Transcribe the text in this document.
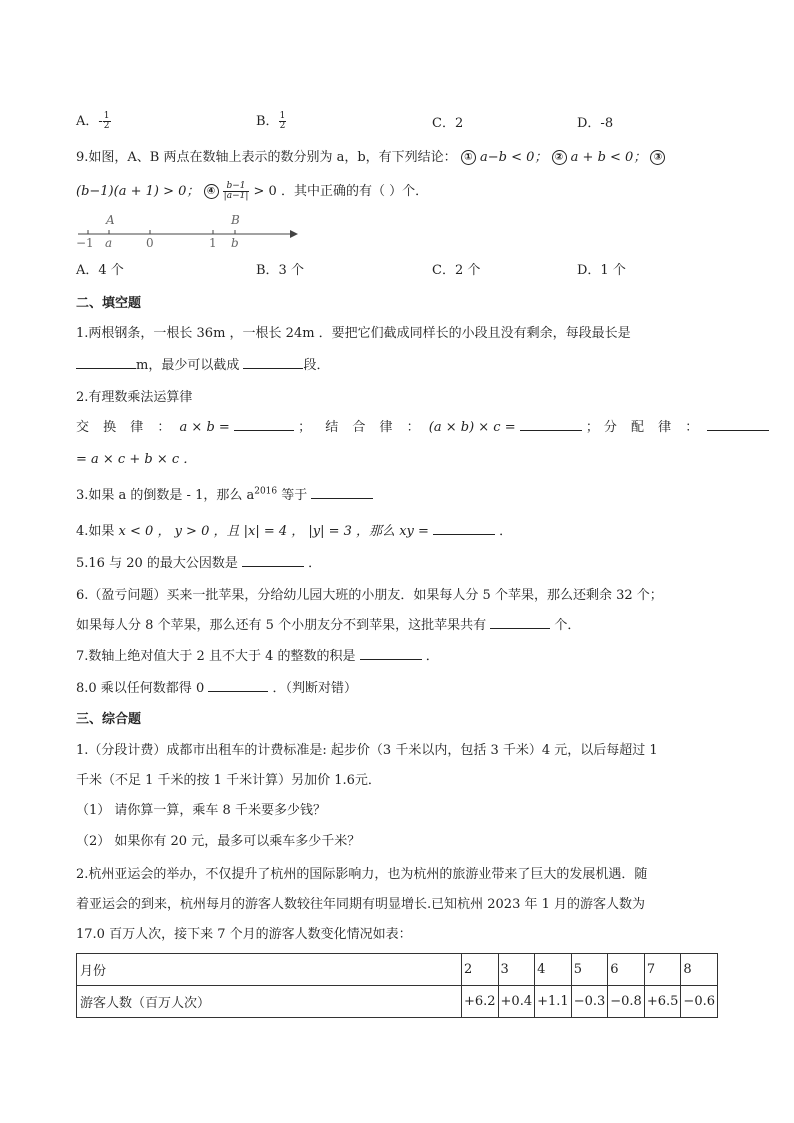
A．- $\frac{1}{2}$	B． $\frac{1}{2}$	C．2	D．-8
9.如图，A、B 两点在数轴上表示的数分别为 a，b，有下列结论： ① a−b < 0； ② a + b < 0； ③
(b−1)(a + 1) > 0； ④ $\frac{b-1}{|a-1|} > 0$ ．其中正确的有（ ）个．
A	B
−1 a	0	1 b
A．4 个	B．3 个	C．2 个	D．1 个
二、填空题
1.两根钢条，一根长 36m ，一根长 24m ．要把它们截成同样长的小段且没有剩余，每段最长是
m，最少可以截成	段．
2.有理数乘法运算律
交 换 律 ： a × b =	； 结 合 律 ： (a × b) × c =	；分 配 律 ：
= a × c + b × c ．
3.如果 a 的倒数是 - 1，那么 $a^{2016}$ 等于
4.如果 x < 0 ， y > 0 ，且 |x| = 4 ， |y| = 3 ，那么 xy =	．
5.16 与 20 的最大公因数是	．
6.（盈亏问题）买来一批苹果，分给幼儿园大班的小朋友．如果每人分 5 个苹果，那么还剩余 32 个；
如果每人分 8 个苹果，那么还有 5 个小朋友分不到苹果，这批苹果共有	个．
7.数轴上绝对值大于 2 且不大于 4 的整数的积是	．
8.0 乘以任何数都得 0	．（判断对错）
三、综合题
1.（分段计费）成都市出租车的计费标准是: 起步价（3 千米以内，包括 3 千米）4 元，以后每超过 1
千米（不足 1 千米的按 1 千米计算）另加价 1.6元．
（1） 请你算一算，乘车 8 千米要多少钱？
（2） 如果你有 20 元，最多可以乘车多少千米？
2.杭州亚运会的举办，不仅提升了杭州的国际影响力，也为杭州的旅游业带来了巨大的发展机遇．随
着亚运会的到来，杭州每月的游客人数较往年同期有明显增长.已知杭州 2023 年 1 月的游客人数为
17.0 百万人次，接下来 7 个月的游客人数变化情况如表：
月份	2	3	4	5	6	7	8
游客人数（百万人次）	+6.2	+0.4	+1.1	−0.3	−0.8	+6.5	−0.6
